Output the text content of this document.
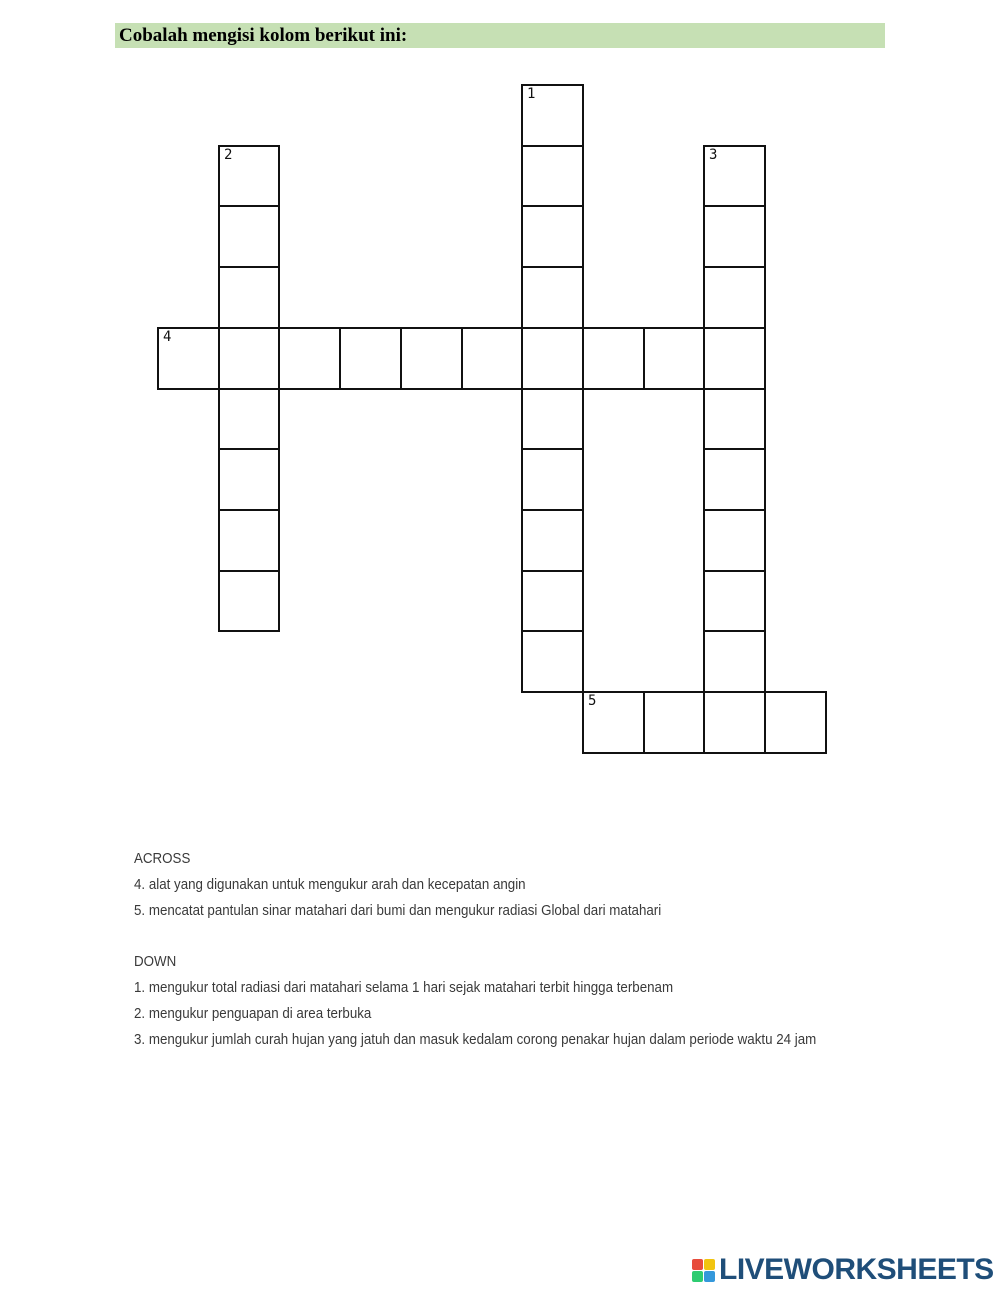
Cobalah mengisi kolom berikut ini:
1
2	3
4
5
ACROSS
4. alat yang digunakan untuk mengukur arah dan kecepatan angin
5. mencatat pantulan sinar matahari dari bumi dan mengukur radiasi Global dari matahari
DOWN
1. mengukur total radiasi dari matahari selama 1 hari sejak matahari terbit hingga terbenam
2. mengukur penguapan di area terbuka
3. mengukur jumlah curah hujan yang jatuh dan masuk kedalam corong penakar hujan dalam periode waktu 24 jam
LIVEWORKSHEETS
